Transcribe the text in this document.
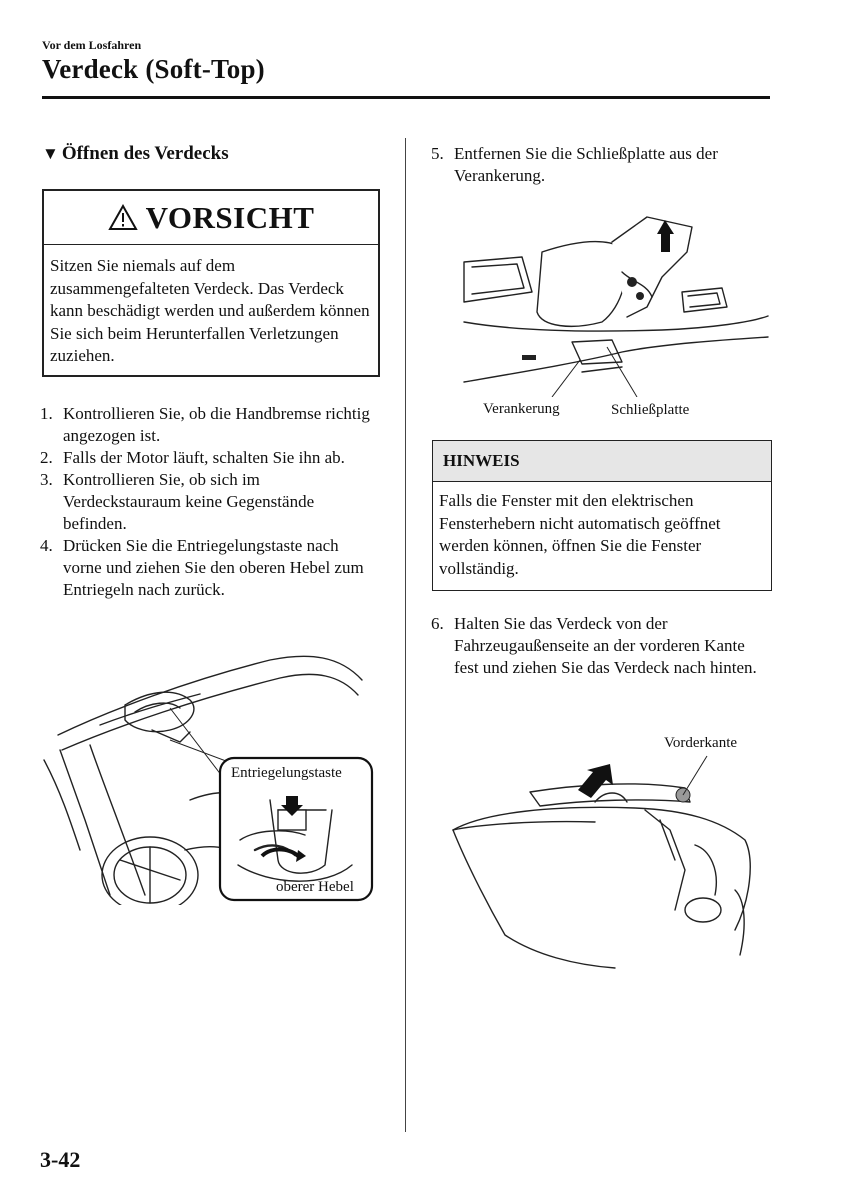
Vor dem Losfahren
Verdeck (Soft-Top)
▼ Öffnen des Verdecks
VORSICHT
Sitzen Sie niemals auf dem zusammengefalteten Verdeck. Das Verdeck kann beschädigt werden und außerdem können Sie sich beim Herunterfallen Verletzungen zuziehen.
1. Kontrollieren Sie, ob die Handbremse richtig angezogen ist.
2. Falls der Motor läuft, schalten Sie ihn ab.
3. Kontrollieren Sie, ob sich im Verdeckstauraum keine Gegenstände befinden.
4. Drücken Sie die Entriegelungstaste nach vorne und ziehen Sie den oberen Hebel zum Entriegeln nach zurück.
Entriegelungstaste
oberer Hebel
5. Entfernen Sie die Schließplatte aus der Verankerung.
Verankerung	Schließplatte
HINWEIS
Falls die Fenster mit den elektrischen Fensterhebern nicht automatisch geöffnet werden können, öffnen Sie die Fenster vollständig.
6. Halten Sie das Verdeck von der Fahrzeugaußenseite an der vorderen Kante fest und ziehen Sie das Verdeck nach hinten.
Vorderkante
3-42
